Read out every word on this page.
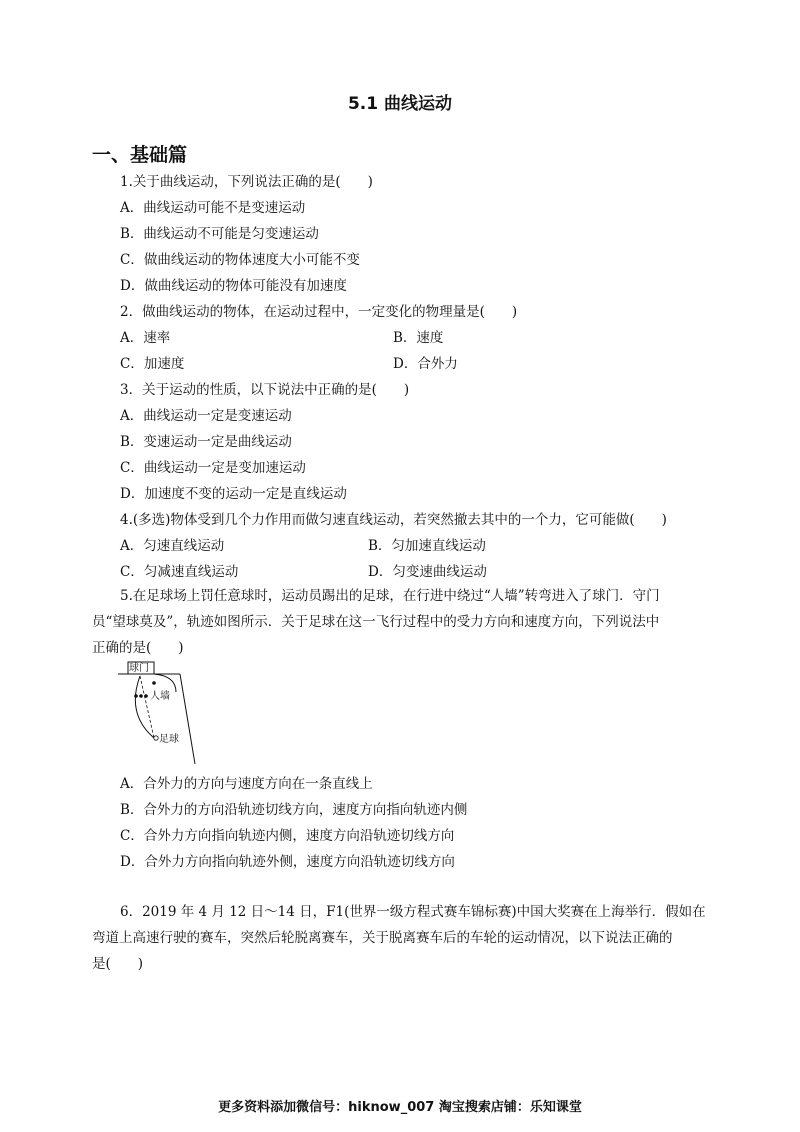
5.1 曲线运动
一、基础篇
1.关于曲线运动，下列说法正确的是(　　)
A．曲线运动可能不是变速运动
B．曲线运动不可能是匀变速运动
C．做曲线运动的物体速度大小可能不变
D．做曲线运动的物体可能没有加速度
2．做曲线运动的物体，在运动过程中，一定变化的物理量是(　　)
A．速率	B．速度
C．加速度	D．合外力
3．关于运动的性质，以下说法中正确的是(　　)
A．曲线运动一定是变速运动
B．变速运动一定是曲线运动
C．曲线运动一定是变加速运动
D．加速度不变的运动一定是直线运动
4.(多选)物体受到几个力作用而做匀速直线运动，若突然撤去其中的一个力，它可能做(　　)
A．匀速直线运动	B．匀加速直线运动
C．匀减速直线运动	D．匀变速曲线运动
5.在足球场上罚任意球时，运动员踢出的足球，在行进中绕过“人墙”转弯进入了球门．守门
员“望球莫及”，轨迹如图所示．关于足球在这一飞行过程中的受力方向和速度方向，下列说法中
正确的是(　　)
球门
人墙
足球
A．合外力的方向与速度方向在一条直线上
B．合外力的方向沿轨迹切线方向，速度方向指向轨迹内侧
C．合外力方向指向轨迹内侧，速度方向沿轨迹切线方向
D．合外力方向指向轨迹外侧，速度方向沿轨迹切线方向
6．2019 年 4 月 12 日～14 日，F1(世界一级方程式赛车锦标赛)中国大奖赛在上海举行．假如在
弯道上高速行驶的赛车，突然后轮脱离赛车，关于脱离赛车后的车轮的运动情况，以下说法正确的
是(　　)
更多资料添加微信号：hiknow_007 淘宝搜索店铺：乐知课堂
